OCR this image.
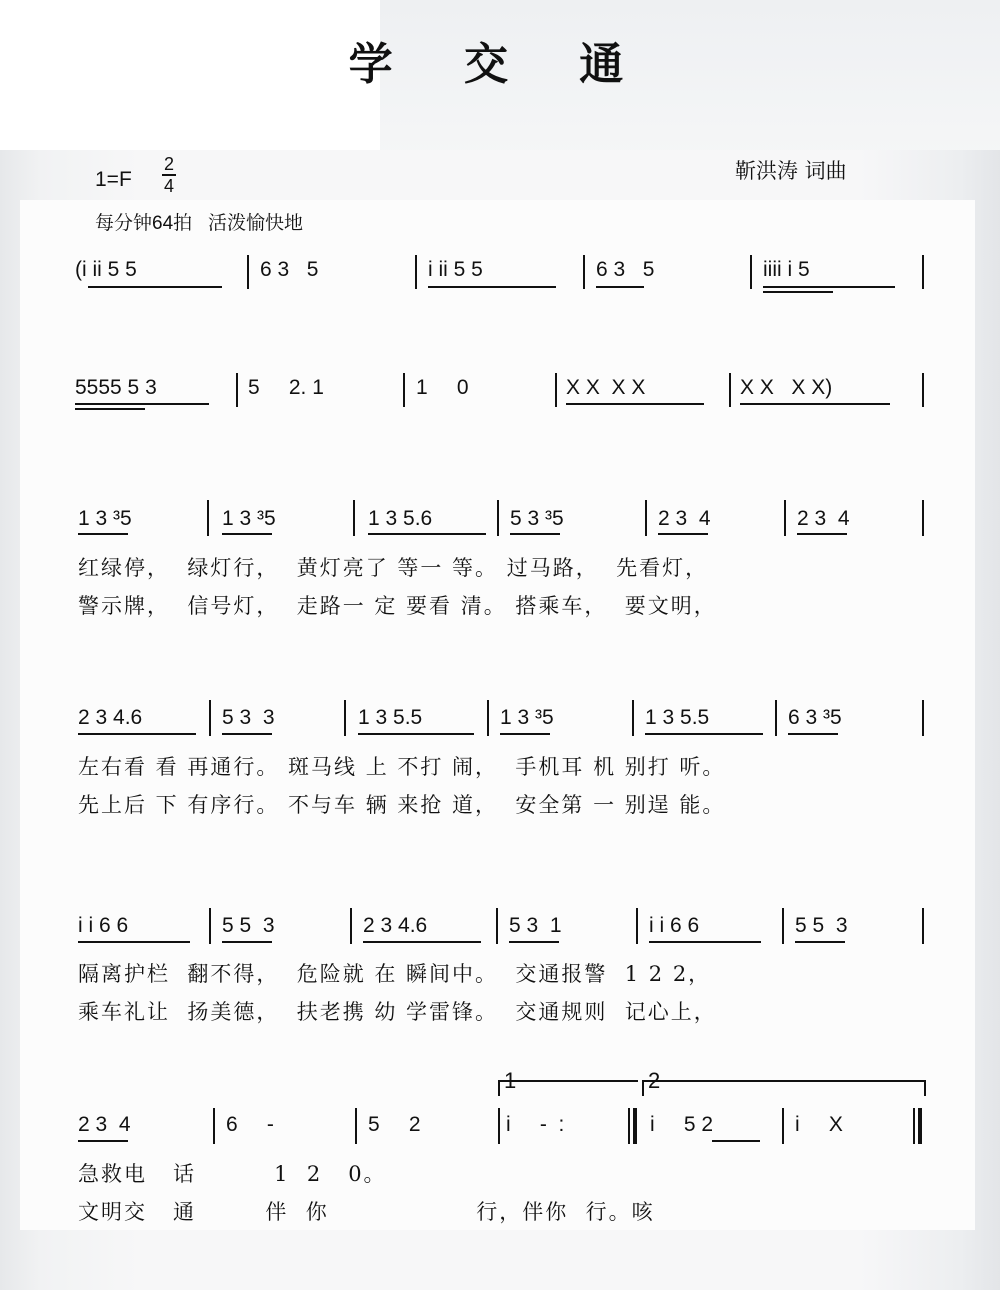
学 交 通
1=F
2
4
每分钟64拍   活泼愉快地
靳洪涛 词曲
(i ii 5 5	6 3   5	i ii 5 5	6 3   5	iiii i 5
5555 5 3	5     2. 1	1     0	X X  X X	X X   X X)
1 3 ³5	1 3 ³5	1 3 5.6	5 3 ³5	2 3  4	2 3  4
红绿停，  绿灯行，  黄灯亮了 等一 等。 过马路，  先看灯，
警示牌，  信号灯，  走路一 定 要看 清。 搭乘车，  要文明，
2 3 4.6	5 3  3	1 3 5.5	1 3 ³5	1 3 5.5	6 3 ³5
左右看 看 再通行。 斑马线 上 不打 闹，  手机耳 机 别打 听。
先上后 下 有序行。 不与车 辆 来抢 道，  安全第 一 别逞 能。
i i 6 6	5 5  3	2 3 4.6	5 3  1	i i 6 6	5 5  3
隔离护栏  翻不得，  危险就 在 瞬间中。  交通报警  1 2 2，
乘车礼让  扬美德，  扶老携 幼 学雷锋。  交通规则  记心上，
1	2
2 3  4	6     -	5     2	i     -  :	i     5 2	i     X
急救电   话         1  2   0。
文明交   通        伴  你                 行，伴你  行。咳
